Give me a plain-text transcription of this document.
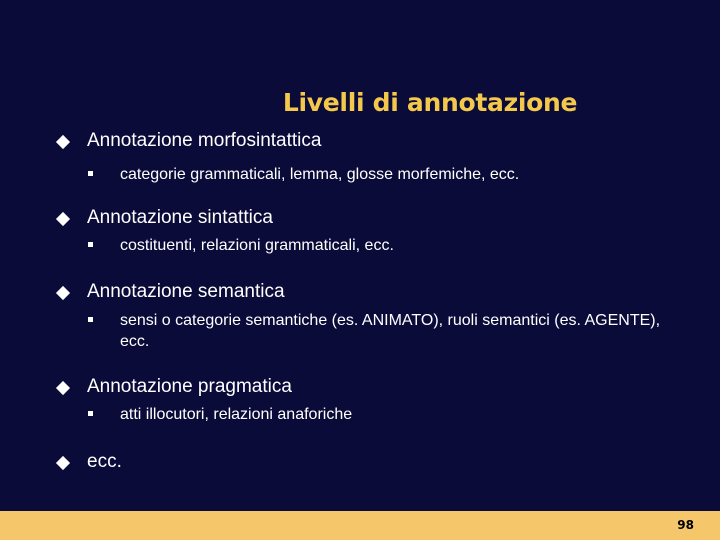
Livelli di annotazione
Annotazione morfosintattica
categorie grammaticali, lemma, glosse morfemiche, ecc.
Annotazione sintattica
costituenti, relazioni grammaticali, ecc.
Annotazione semantica
sensi o categorie semantiche (es. ANIMATO), ruoli semantici (es. AGENTE), ecc.
Annotazione pragmatica
atti illocutori, relazioni anaforiche
ecc.
98
